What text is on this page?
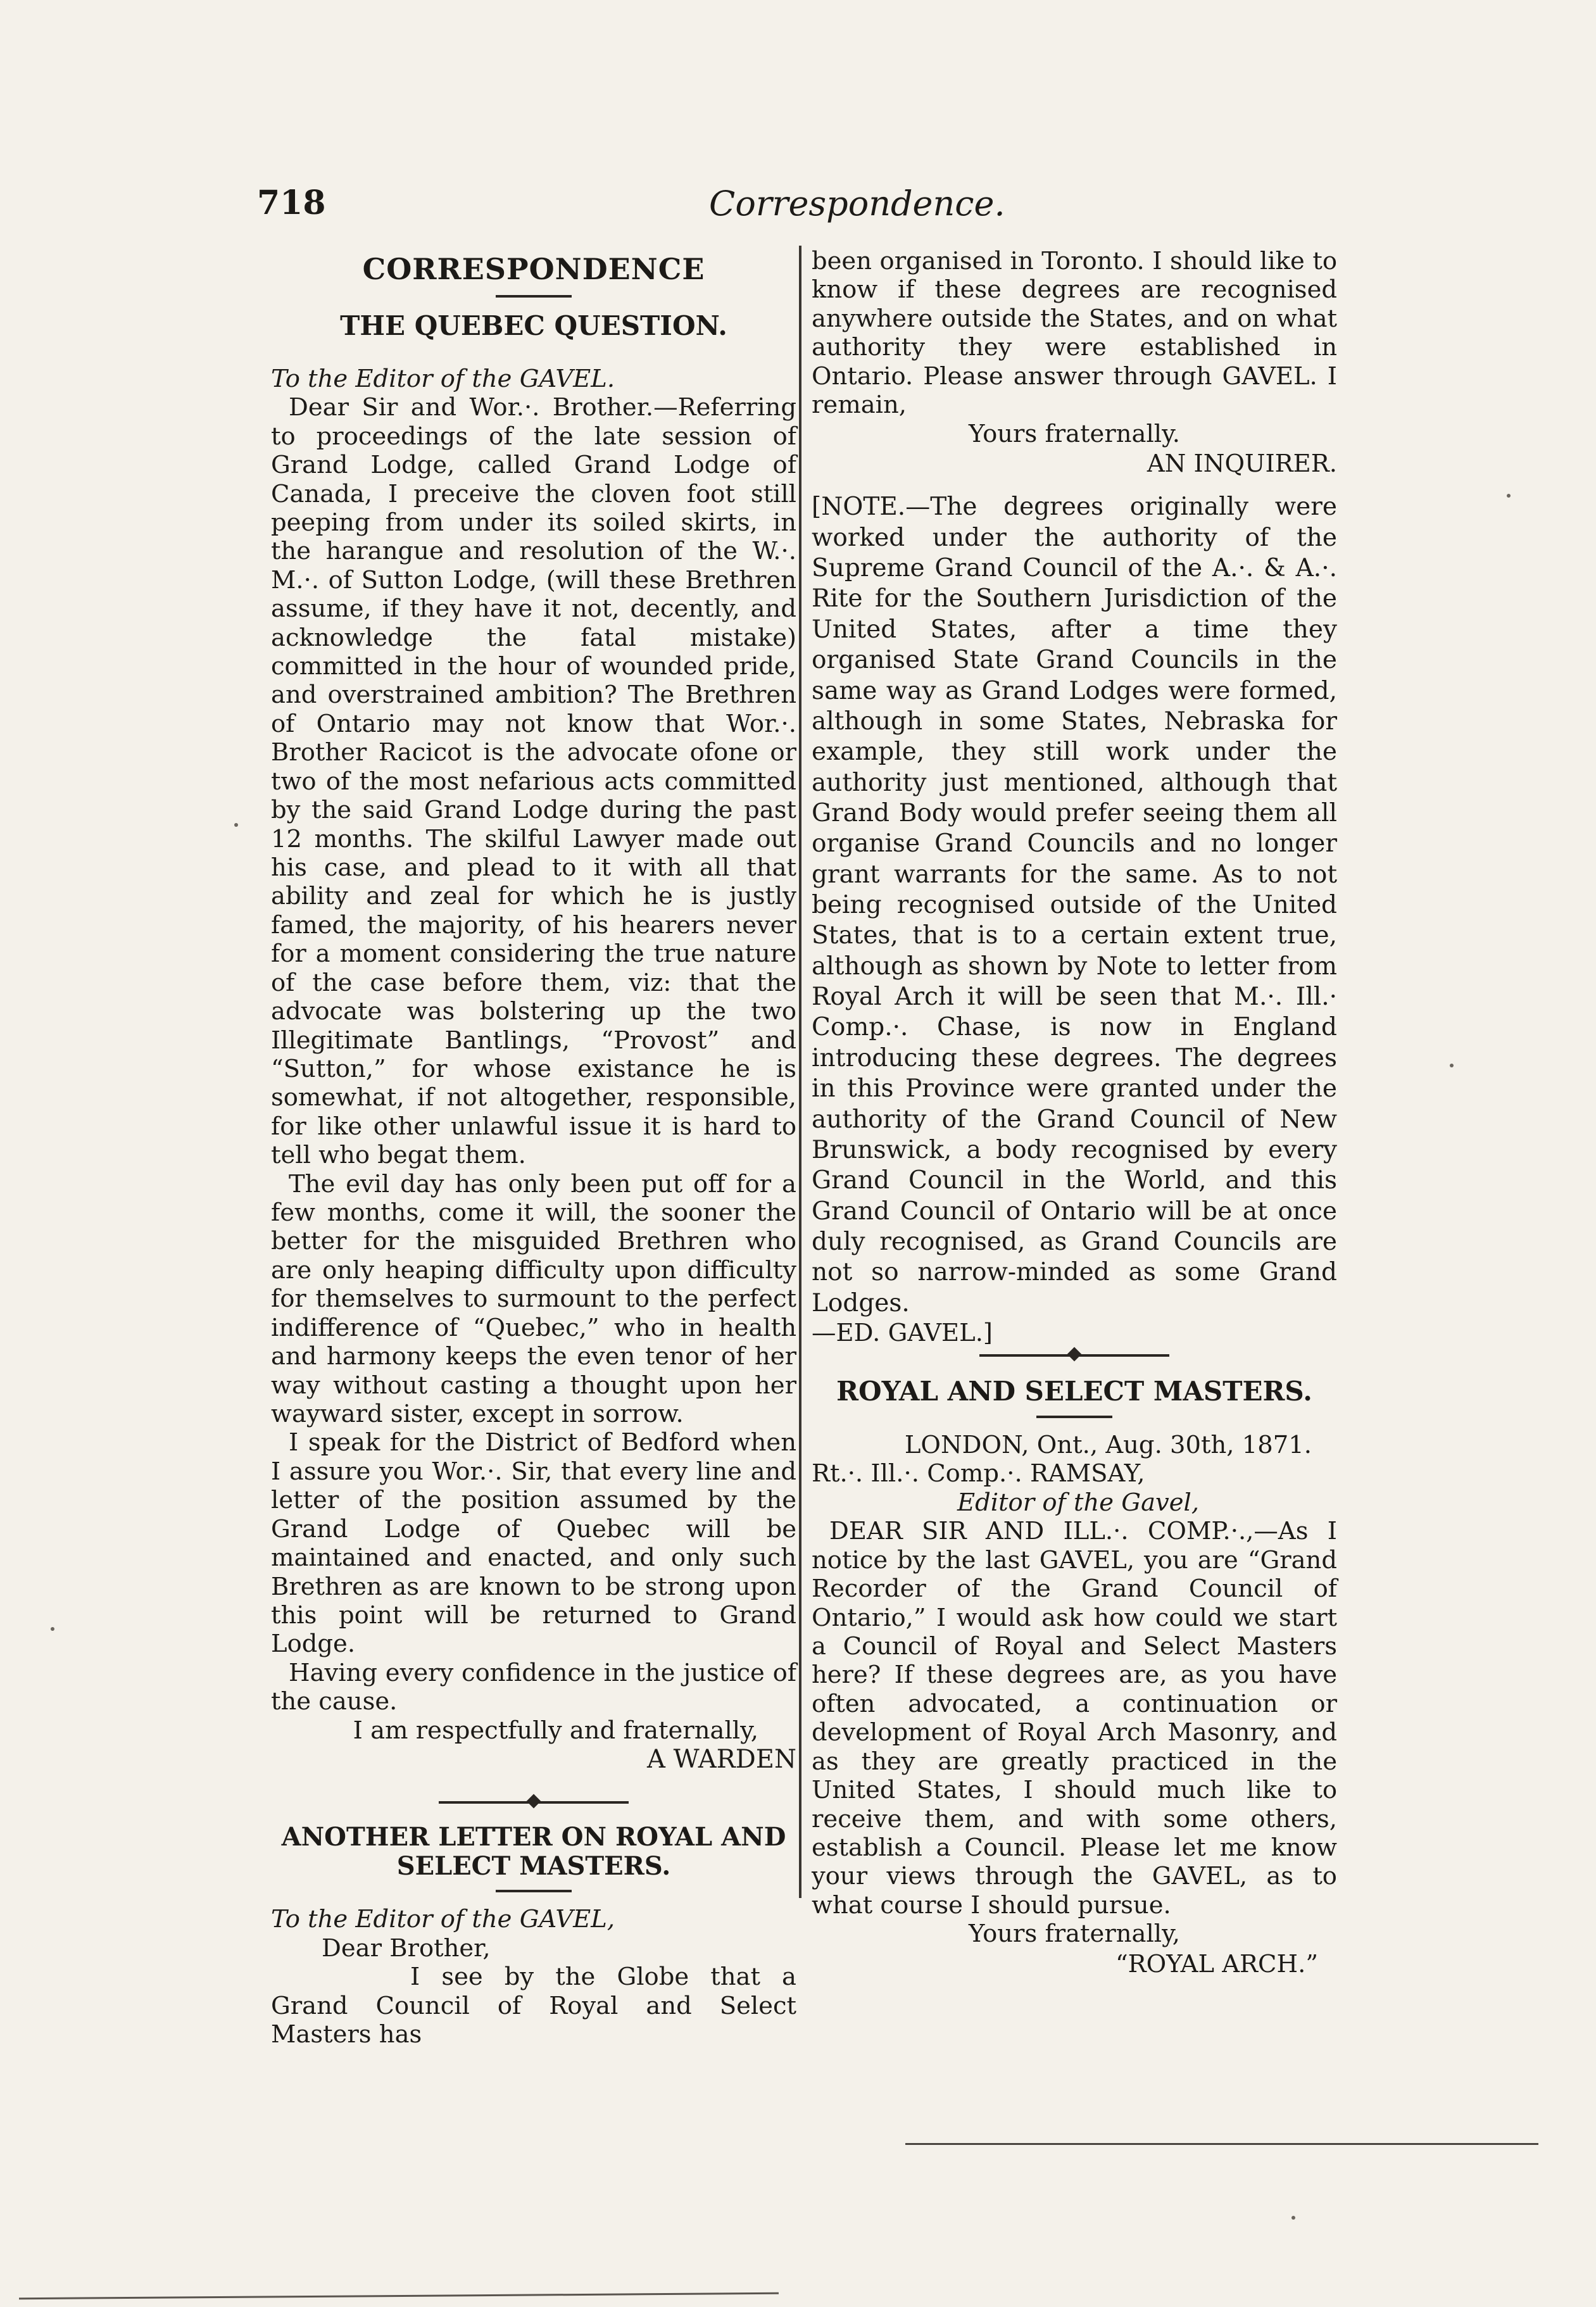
718	Correspondence.
CORRESPONDENCE
THE QUEBEC QUESTION.

To the Editor of the GAVEL.

Dear Sir and Wor.·. Brother.—Referring to proceedings of the late session of Grand Lodge, called Grand Lodge of Canada, I preceive the cloven foot still peeping from under its soiled skirts, in the harangue and resolution of the W.·. M.·. of Sutton Lodge, (will these Brethren assume, if they have it not, decently, and acknowledge the fatal mistake) committed in the hour of wounded pride, and overstrained ambition? The Brethren of Ontario may not know that Wor.·. Brother Racicot is the advocate ofone or two of the most nefarious acts committed by the said Grand Lodge during the past 12 months. The skilful Lawyer made out his case, and plead to it with all that ability and zeal for which he is justly famed, the majority, of his hearers never for a moment considering the true nature of the case before them, viz: that the advocate was bolstering up the two Illegitimate Bantlings, “Provost” and “Sutton,” for whose existance he is somewhat, if not altogether, responsible, for like other unlawful issue it is hard to tell who begat them.

The evil day has only been put off for a few months, come it will, the sooner the better for the misguided Brethren who are only heaping difficulty upon difficulty for themselves to surmount to the perfect indifference of “Quebec,” who in health and harmony keeps the even tenor of her way without casting a thought upon her wayward sister, except in sorrow.

I speak for the District of Bedford when I assure you Wor.·. Sir, that every line and letter of the position assumed by the Grand Lodge of Quebec will be maintained and enacted, and only such Brethren as are known to be strong upon this point will be returned to Grand Lodge.

Having every confidence in the justice of the cause.

I am respectfully and fraternally,

A WARDEN

ANOTHER LETTER ON ROYAL AND SELECT MASTERS.

To the Editor of the GAVEL,

Dear Brother,

I see by the Globe that a Grand Council of Royal and Select Masters has

been organised in Toronto. I should like to know if these degrees are recognised anywhere outside the States, and on what authority they were established in Ontario. Please answer through GAVEL. I remain,

Yours fraternally.

AN INQUIRER.

[NOTE.—The degrees originally were worked under the authority of the Supreme Grand Council of the A.·. & A.·. Rite for the Southern Jurisdiction of the United States, after a time they organised State Grand Councils in the same way as Grand Lodges were formed, although in some States, Nebraska for example, they still work under the authority just mentioned, although that Grand Body would prefer seeing them all organise Grand Councils and no longer grant warrants for the same. As to not being recognised outside of the United States, that is to a certain extent true, although as shown by Note to letter from Royal Arch it will be seen that M.·. Ill.· Comp.·. Chase, is now in England introducing these degrees. The degrees in this Province were granted under the authority of the Grand Council of New Brunswick, a body recognised by every Grand Council in the World, and this Grand Council of Ontario will be at once duly recognised, as Grand Councils are not so narrow-minded as some Grand Lodges.

—ED. GAVEL.]

ROYAL AND SELECT MASTERS.

LONDON, Ont., Aug. 30th, 1871.

Rt.·. Ill.·. Comp.·. RAMSAY,

Editor of the Gavel,

DEAR SIR AND ILL.·. COMP.·.,—As I notice by the last GAVEL, you are “Grand Recorder of the Grand Council of Ontario,” I would ask how could we start a Council of Royal and Select Masters here? If these degrees are, as you have often advocated, a continuation or development of Royal Arch Masonry, and as they are greatly practiced in the United States, I should much like to receive them, and with some others, establish a Council. Please let me know your views through the GAVEL, as to what course I should pursue.

Yours fraternally,

“ROYAL ARCH.”
